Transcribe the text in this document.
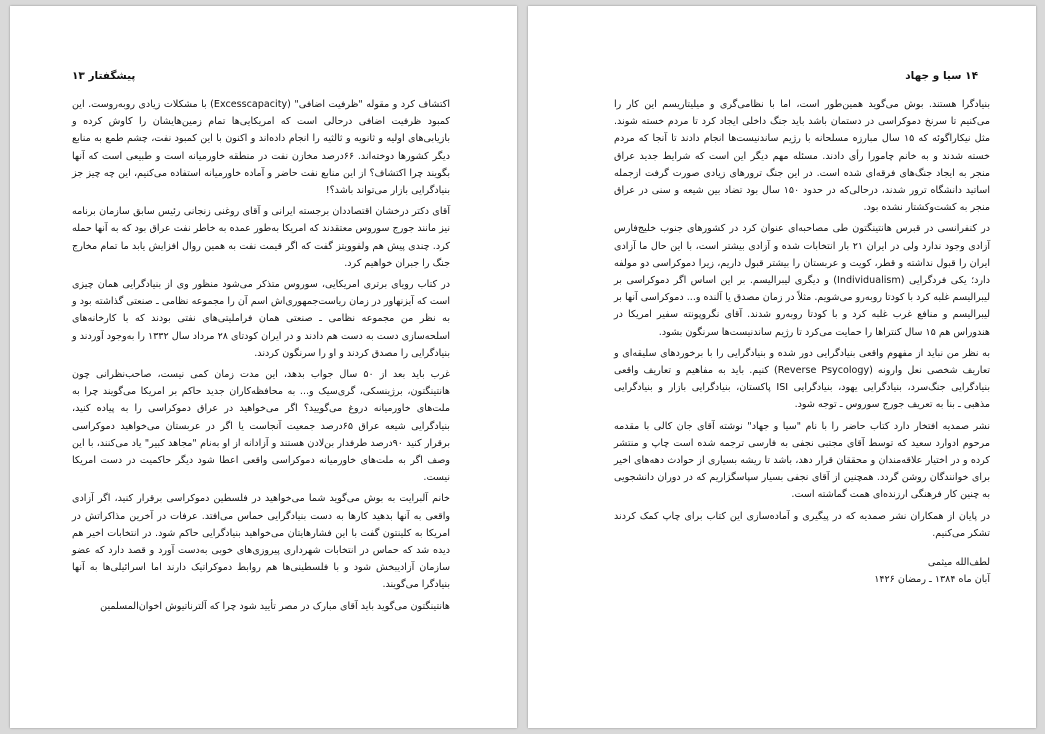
پیشگفتار ۱۳

اکتشاف کرد و مقوله "ظرفیت اضافی" (Excesscapacity) با مشکلات زیادی روبه‌روست. این کمبود ظرفیت اضافی درحالی است که امریکایی‌ها تمام زمین‌هایشان را کاوش کرده و بازیابی‌های اولیه و ثانویه و ثالثیه را انجام داده‌اند و اکنون با این کمبود نفت، چشم طمع به منابع دیگر کشورها دوخته‌اند. ۶۶درصد مخازن نفت در منطقه خاورمیانه است و طبیعی است که آنها بگویند چرا اکتشاف؟ از این منابع نفت حاضر و آماده خاورمیانه استفاده می‌کنیم، این چه چیز جز بنیادگرایی بازار می‌تواند باشد؟!

آقای دکتر درخشان اقتصاددان برجسته ایرانی و آقای روغنی زنجانی رئیس سابق سازمان برنامه نیز مانند جورج سوروس معتقدند که امریکا به‌طور عمده به خاطر نفت عراق بود که به آنها حمله کرد. چندی پیش هم ولفوویتز گفت که اگر قیمت نفت به همین روال افزایش یابد ما تمام مخارج جنگ را جبران خواهیم کرد.

در کتاب رویای برتری امریکایی، سوروس متذکر می‌شود منظور وی از بنیادگرایی همان چیزی است که آیزنهاور در زمان ریاست‌جمهوری‌اش اسم آن را مجموعه نظامی ـ صنعتی گذاشته بود و به نظر من مجموعه نظامی ـ صنعتی همان فراملیتی‌های نفتی بودند که با کارخانه‌های اسلحه‌سازی دست به دست هم دادند و در ایران کودتای ۲۸ مرداد سال ۱۳۳۲ را به‌وجود آوردند و بنیادگرایی را مصدق کردند و او را سرنگون کردند.

غرب باید بعد از ۵۰ سال جواب بدهد، این مدت زمان کمی نیست، صاحب‌نظرانی چون هانتینگتون، برژینسکی، گری‌سیک و... به محافظه‌کاران جدید حاکم بر امریکا می‌گویند چرا به ملت‌های خاورمیانه دروغ می‌گویید؟ اگر می‌خواهید در عراق دموکراسی را به پیاده کنید، بنیادگرایی شیعه عراق ۶۵درصد جمعیت آنجاست یا اگر در عربستان می‌خواهید دموکراسی برقرار کنید ۹۰درصد طرفدار بن‌لادن هستند و آزادانه از او به‌نام "مجاهد کبیر" یاد می‌کنند، با این وصف اگر به ملت‌های خاورمیانه دموکراسی واقعی اعطا شود دیگر حاکمیت در دست امریکا نیست.

خانم آلبرایت به بوش می‌گوید شما می‌خواهید در فلسطین دموکراسی برقرار کنید، اگر آزادی واقعی به آنها بدهید کارها به دست بنیادگرایی حماس می‌افتد. عرفات در آخرین مذاکراتش در امریکا به کلینتون گفت با این فشارهایتان می‌خواهید بنیادگرایی حاکم شود. در انتخابات اخیر هم دیده شد که حماس در انتخابات شهرداری پیروزی‌های خوبی به‌دست آورد و قصد دارد که عضو سازمان آزادیبخش شود و با فلسطینی‌ها هم روابط دموکراتیک دارند اما اسرائیلی‌ها به آنها بنیادگرا می‌گویند.

هانتینگتون می‌گوید باید آقای مبارک در مصر تأیید شود چرا که آلترناتیوش اخوان‌المسلمین

۱۴ سیا و جهاد

بنیادگرا هستند. بوش می‌گوید همین‌طور است، اما با نظامی‌گری و میلیتاریسم این کار را می‌کنیم تا سرنخ دموکراسی در دستمان باشد باید جنگ داخلی ایجاد کرد تا مردم خسته شوند. مثل نیکاراگوئه که ۱۵ سال مبارزه مسلحانه با رژیم ساندنیست‌ها انجام دادند تا آنجا که مردم خسته شدند و به خانم چامورا رأی دادند. مسئله مهم دیگر این است که شرایط جدید عراق منجر به ایجاد جنگ‌های فرقه‌ای شده است. در این جنگ ترورهای زیادی صورت گرفت ازجمله اساتید دانشگاه ترور شدند، درحالی‌که در حدود ۱۵۰ سال بود تضاد بین شیعه و سنی در عراق منجر به کشت‌وکشتار نشده بود.

در کنفرانسی در قبرس هانتینگتون طی مصاحبه‌ای عنوان کرد در کشورهای جنوب خلیج‌فارس آزادی وجود ندارد ولی در ایران ۲۱ بار انتخابات شده و آزادی بیشتر است، با این حال ما آزادی ایران را قبول نداشته و قطر، کویت و عربستان را بیشتر قبول داریم، زیرا دموکراسی دو مولفه دارد؛ یکی فردگرایی (Individualism) و دیگری لیبرالیسم. بر این اساس اگر دموکراسی بر لیبرالیسم غلبه کرد با کودتا روبه‌رو می‌شویم. مثلاً در زمان مصدق یا آلنده و... دموکراسی آنها بر لیبرالیسم و منافع غرب غلبه کرد و با کودتا روبه‌رو شدند. آقای نگروپونته سفیر امریکا در هندوراس هم ۱۵ سال کنتراها را حمایت می‌کرد تا رژیم ساندنیست‌ها سرنگون بشود.

به نظر من نباید از مفهوم واقعی بنیادگرایی دور شده و بنیادگرایی را با برخوردهای سلیقه‌ای و تعاریف شخصی نعل وارونه (Reverse Psycology) کنیم. باید به مفاهیم و تعاریف واقعی بنیادگرایی جنگ‌سرد، بنیادگرایی یهود، بنیادگرایی ISI پاکستان، بنیادگرایی بازار و بنیادگرایی مذهبی ـ بنا به تعریف جورج سوروس ـ توجه شود.

نشر صمدیه افتخار دارد کتاب حاضر را با نام "سیا و جهاد" نوشته آقای جان کالی با مقدمه مرحوم ادوارد سعید که توسط آقای مجتبی نجفی به فارسی ترجمه شده است چاپ و منتشر کرده و در اختیار علاقه‌مندان و محققان قرار دهد، باشد تا ریشه بسیاری از حوادث دهه‌های اخیر برای خوانندگان روشن گردد. همچنین از آقای نجفی بسیار سپاسگزاریم که در دوران دانشجویی به چنین کار فرهنگی ارزنده‌ای همت گماشته است.

در پایان از همکاران نشر صمدیه که در پیگیری و آماده‌سازی این کتاب برای چاپ کمک کردند تشکر می‌کنیم.

لطف‌الله میثمی
آبان ماه ۱۳۸۴ ـ رمضان ۱۴۲۶
